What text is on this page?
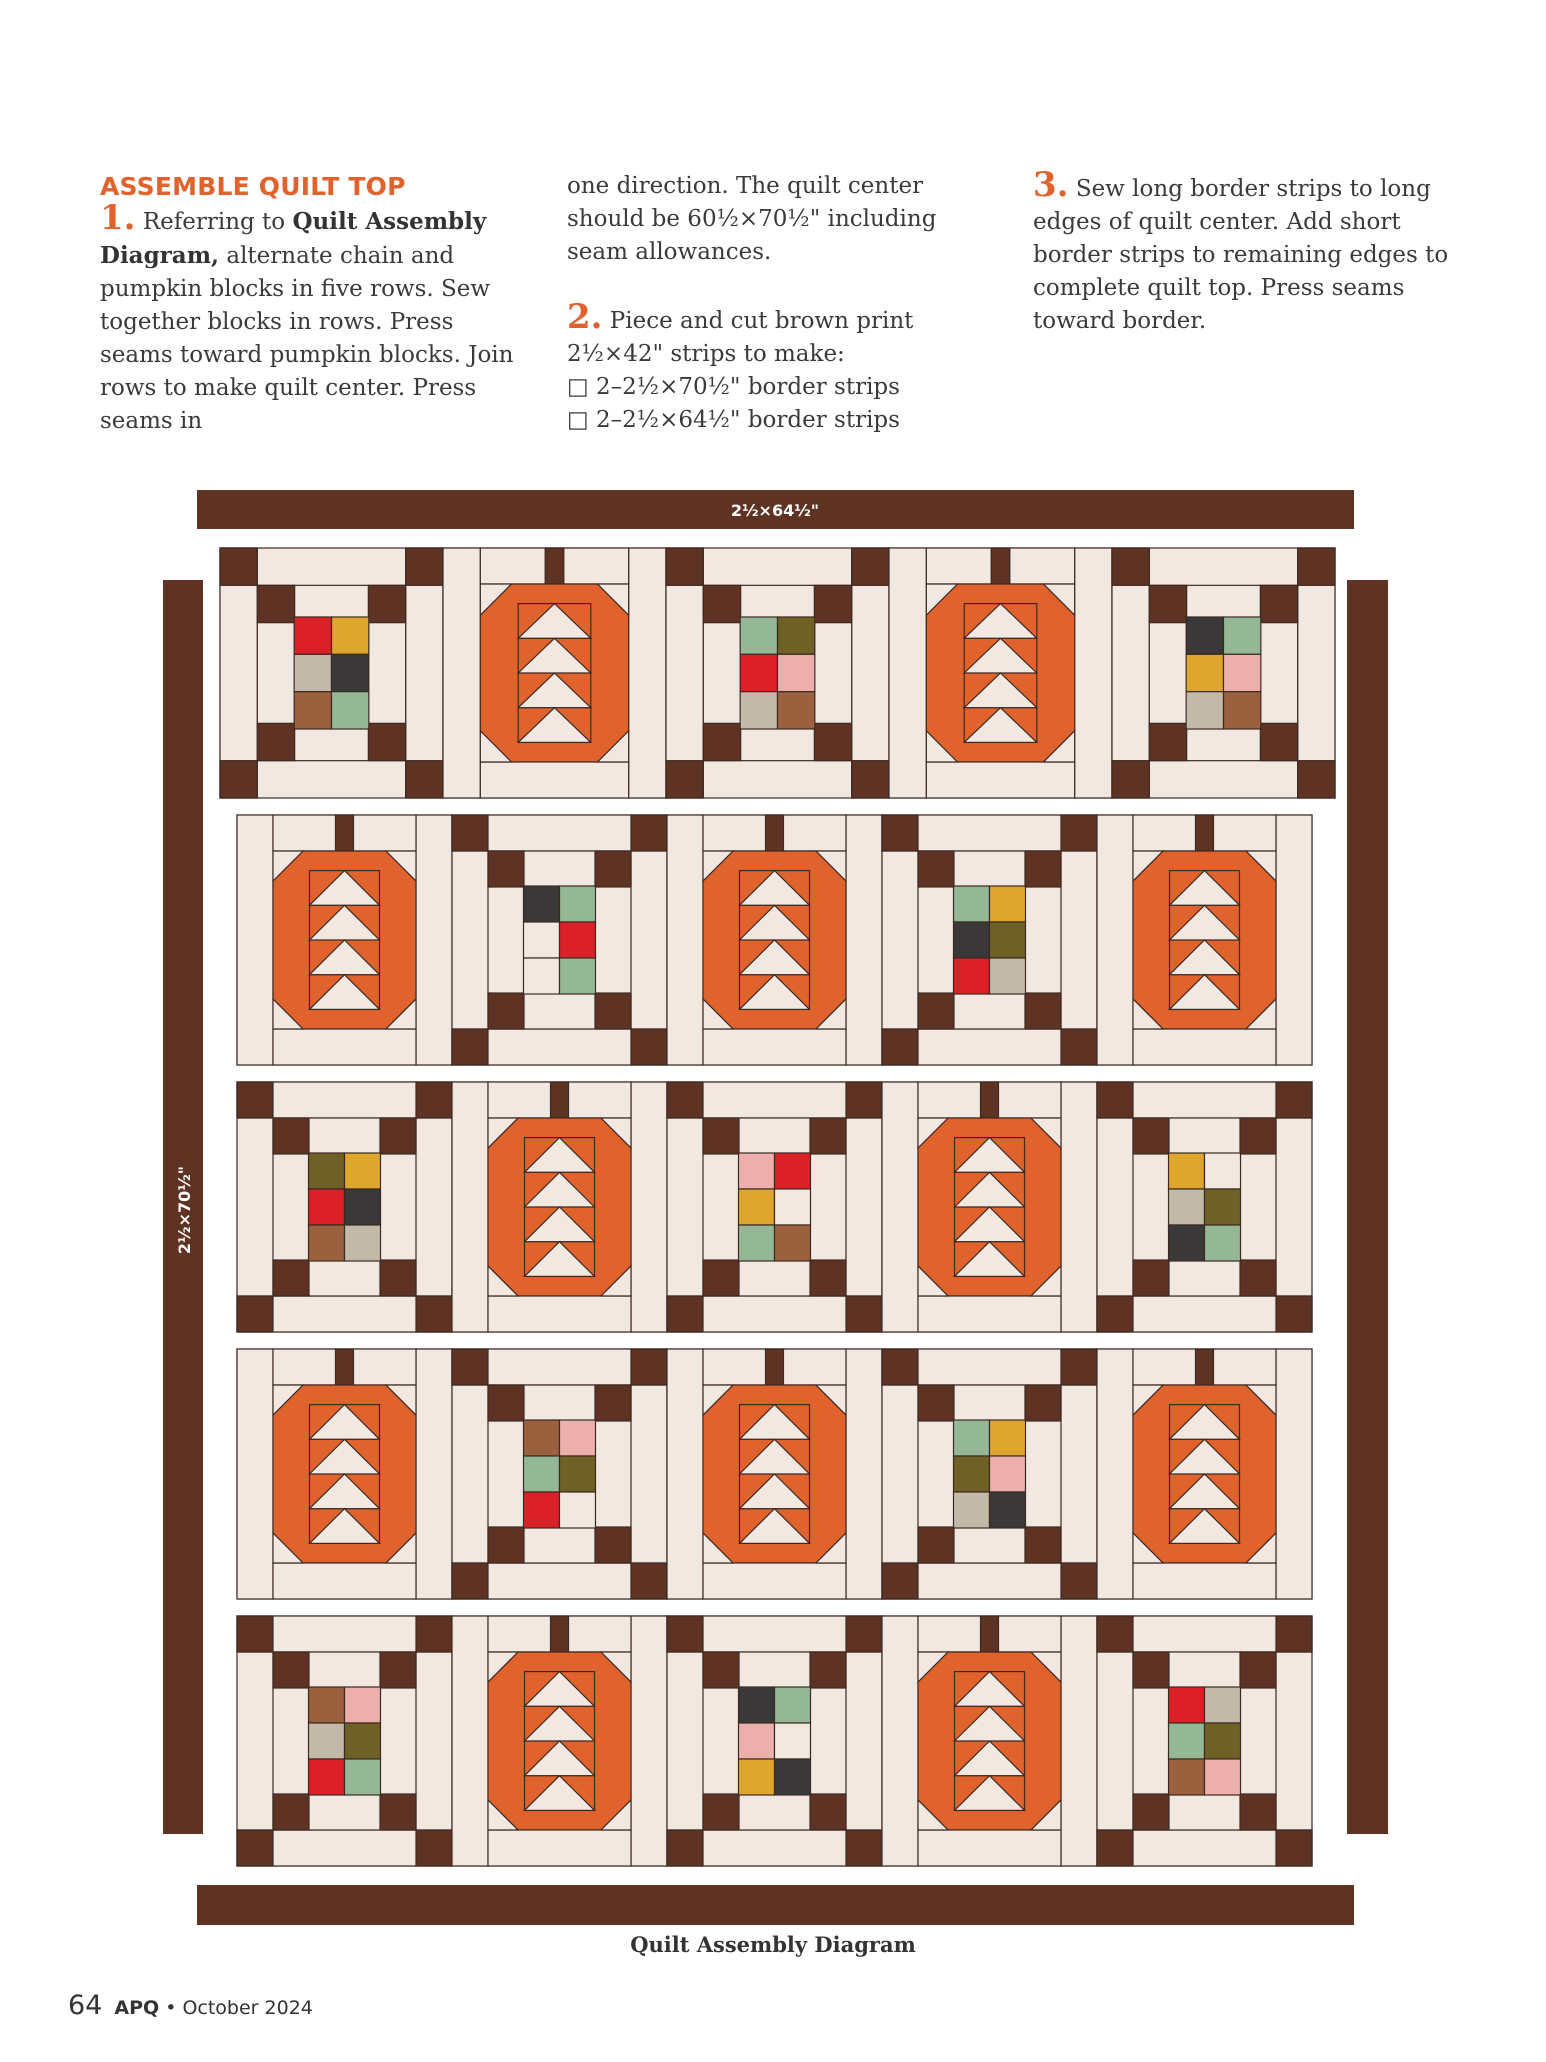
ASSEMBLE QUILT TOP

1. Referring to Quilt Assembly Diagram, alternate chain and pumpkin blocks in five rows. Sew together blocks in rows. Press seams toward pumpkin blocks. Join rows to make quilt center. Press seams in

one direction. The quilt center should be 60½×70½" including seam allowances.

2. Piece and cut brown print 2½×42" strips to make:

□ 2–2½×70½" border strips

□ 2–2½×64½" border strips

3. Sew long border strips to long edges of quilt center. Add short border strips to remaining edges to complete quilt top. Press seams toward border.

2½×64½"
2½×70½"
Quilt Assembly Diagram
64 APQ • October 2024
